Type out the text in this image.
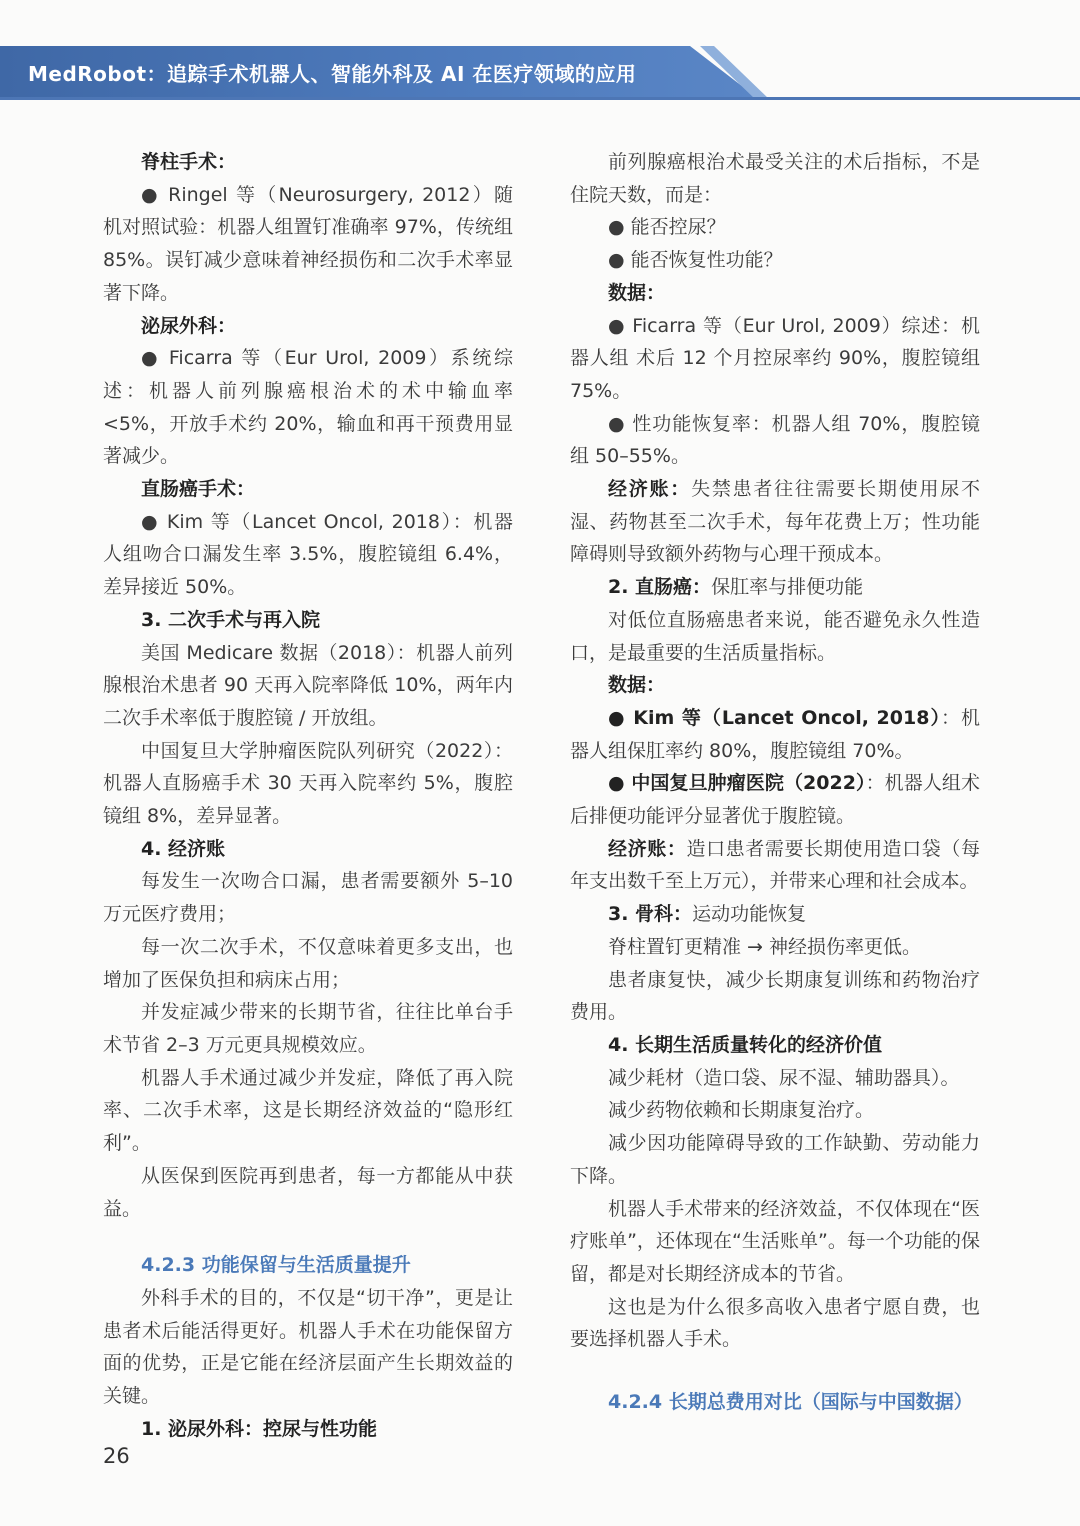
MedRobot：追踪手术机器人、智能外科及 AI 在医疗领域的应用

脊柱手术：

● Ringel 等（Neurosurgery, 2012）随机对照试验：机器人组置钉准确率 97%，传统组 85%。误钉减少意味着神经损伤和二次手术率显著下降。

泌尿外科：

● Ficarra 等（Eur Urol, 2009）系统综述：机器人前列腺癌根治术的术中输血率 <5%，开放手术约 20%，输血和再干预费用显著减少。

直肠癌手术：

● Kim 等（Lancet Oncol, 2018）：机器人组吻合口漏发生率 3.5%，腹腔镜组 6.4%，差异接近 50%。

3. 二次手术与再入院

美国 Medicare 数据（2018）：机器人前列腺根治术患者 90 天再入院率降低 10%，两年内二次手术率低于腹腔镜 / 开放组。

中国复旦大学肿瘤医院队列研究（2022）：机器人直肠癌手术 30 天再入院率约 5%，腹腔镜组 8%，差异显著。

4. 经济账

每发生一次吻合口漏，患者需要额外 5–10 万元医疗费用；

每一次二次手术，不仅意味着更多支出，也增加了医保负担和病床占用；

并发症减少带来的长期节省，往往比单台手术节省 2–3 万元更具规模效应。

机器人手术通过减少并发症，降低了再入院率、二次手术率，这是长期经济效益的“隐形红利”。

从医保到医院再到患者，每一方都能从中获益。

4.2.3 功能保留与生活质量提升

外科手术的目的，不仅是“切干净”，更是让患者术后能活得更好。机器人手术在功能保留方面的优势，正是它能在经济层面产生长期效益的关键。

1. 泌尿外科：控尿与性功能

前列腺癌根治术最受关注的术后指标，不是住院天数，而是：

● 能否控尿？

● 能否恢复性功能？

数据：

● Ficarra 等（Eur Urol, 2009）综述：机器人组 术后 12 个月控尿率约 90%，腹腔镜组 75%。

● 性功能恢复率：机器人组 70%，腹腔镜组 50–55%。

经济账：失禁患者往往需要长期使用尿不湿、药物甚至二次手术，每年花费上万；性功能障碍则导致额外药物与心理干预成本。

2. 直肠癌：保肛率与排便功能

对低位直肠癌患者来说，能否避免永久性造口，是最重要的生活质量指标。

数据：

● Kim 等（Lancet Oncol, 2018）：机器人组保肛率约 80%，腹腔镜组 70%。

● 中国复旦肿瘤医院（2022）：机器人组术后排便功能评分显著优于腹腔镜。

经济账：造口患者需要长期使用造口袋（每年支出数千至上万元），并带来心理和社会成本。

3. 骨科：运动功能恢复

脊柱置钉更精准 → 神经损伤率更低。

患者康复快，减少长期康复训练和药物治疗费用。

4. 长期生活质量转化的经济价值

减少耗材（造口袋、尿不湿、辅助器具）。

减少药物依赖和长期康复治疗。

减少因功能障碍导致的工作缺勤、劳动能力下降。

机器人手术带来的经济效益，不仅体现在“医疗账单”，还体现在“生活账单”。每一个功能的保留，都是对长期经济成本的节省。

这也是为什么很多高收入患者宁愿自费，也要选择机器人手术。

4.2.4 长期总费用对比（国际与中国数据）

26
